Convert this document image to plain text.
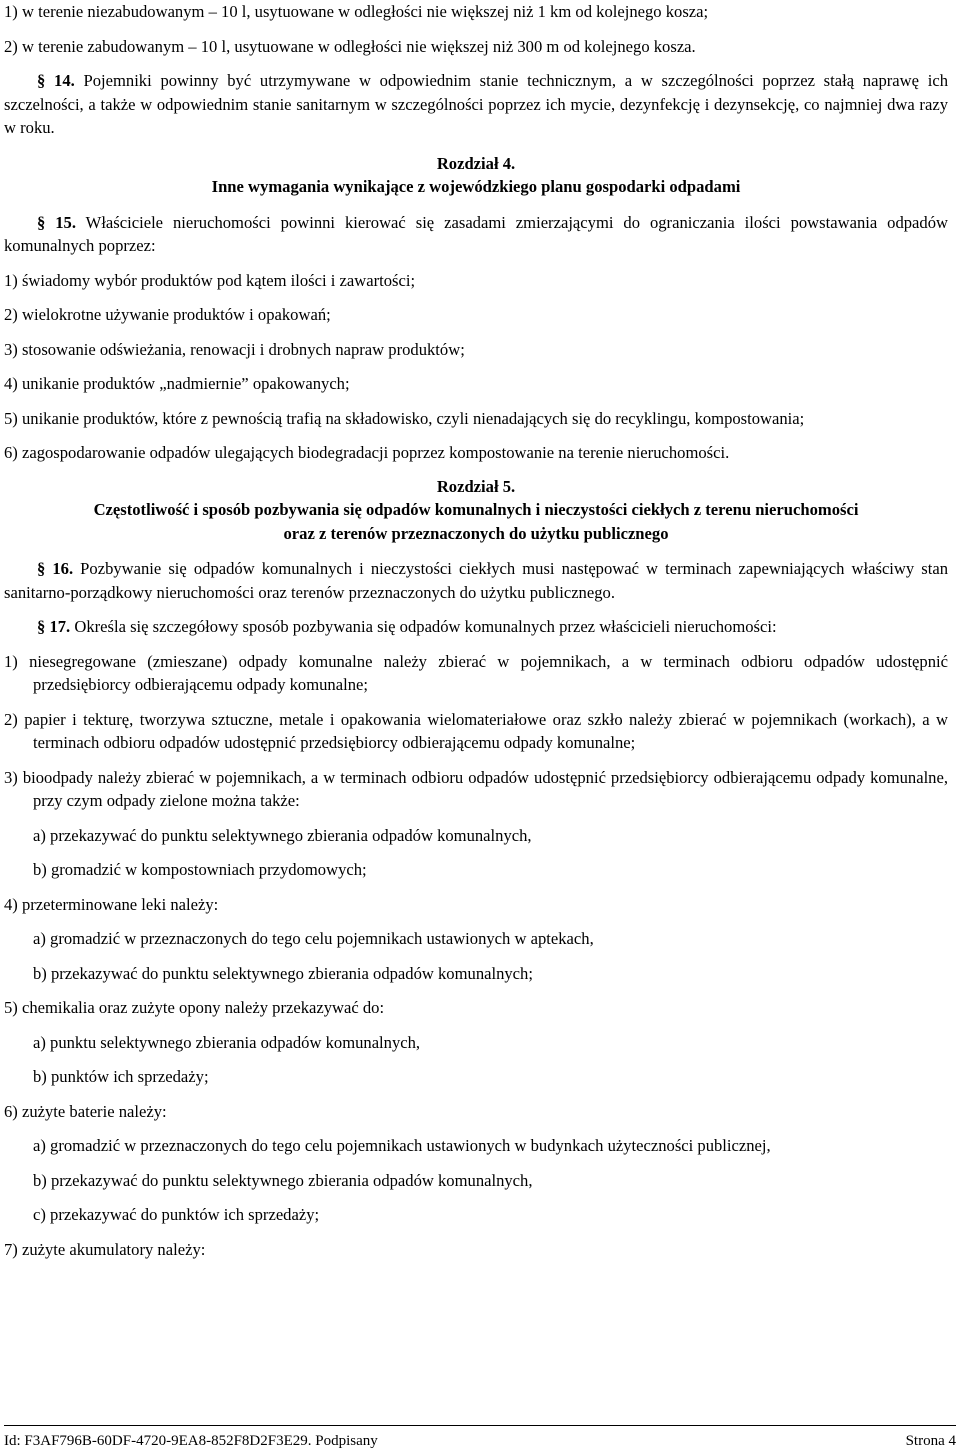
1) w terenie niezabudowanym – 10 l, usytuowane w odległości nie większej niż 1 km od kolejnego kosza;

2) w terenie zabudowanym – 10 l, usytuowane w odległości nie większej niż 300 m od kolejnego kosza.

§ 14. Pojemniki powinny być utrzymywane w odpowiednim stanie technicznym, a w szczególności poprzez stałą naprawę ich szczelności, a także w odpowiednim stanie sanitarnym w szczególności poprzez ich mycie, dezynfekcję i dezynsekcję, co najmniej dwa razy w roku.

Rozdział 4.

Inne wymagania wynikające z wojewódzkiego planu gospodarki odpadami

§ 15. Właściciele nieruchomości powinni kierować się zasadami zmierzającymi do ograniczania ilości powstawania odpadów komunalnych poprzez:

1) świadomy wybór produktów pod kątem ilości i zawartości;

2) wielokrotne używanie produktów i opakowań;

3) stosowanie odświeżania, renowacji i drobnych napraw produktów;

4) unikanie produktów „nadmiernie” opakowanych;

5) unikanie produktów, które z pewnością trafią na składowisko, czyli nienadających się do recyklingu, kompostowania;

6) zagospodarowanie odpadów ulegających biodegradacji poprzez kompostowanie na terenie nieruchomości.

Rozdział 5.

Częstotliwość i sposób pozbywania się odpadów komunalnych i nieczystości ciekłych z terenu nieruchomości

oraz z terenów przeznaczonych do użytku publicznego

§ 16. Pozbywanie się odpadów komunalnych i nieczystości ciekłych musi następować w terminach zapewniających właściwy stan sanitarno-porządkowy nieruchomości oraz terenów przeznaczonych do użytku publicznego.

§ 17. Określa się szczegółowy sposób pozbywania się odpadów komunalnych przez właścicieli nieruchomości:

1) niesegregowane (zmieszane) odpady komunalne należy zbierać w pojemnikach, a w terminach odbioru odpadów udostępnić przedsiębiorcy odbierającemu odpady komunalne;

2) papier i tekturę, tworzywa sztuczne, metale i opakowania wielomateriałowe oraz szkło należy zbierać w pojemnikach (workach), a w terminach odbioru odpadów udostępnić przedsiębiorcy odbierającemu odpady komunalne;

3) bioodpady należy zbierać w pojemnikach, a w terminach odbioru odpadów udostępnić przedsiębiorcy odbierającemu odpady komunalne, przy czym odpady zielone można także:

a) przekazywać do punktu selektywnego zbierania odpadów komunalnych,

b) gromadzić w kompostowniach przydomowych;

4) przeterminowane leki należy:

a) gromadzić w przeznaczonych do tego celu pojemnikach ustawionych w aptekach,

b) przekazywać do punktu selektywnego zbierania odpadów komunalnych;

5) chemikalia oraz zużyte opony należy przekazywać do:

a) punktu selektywnego zbierania odpadów komunalnych,

b) punktów ich sprzedaży;

6) zużyte baterie należy:

a) gromadzić w przeznaczonych do tego celu pojemnikach ustawionych w budynkach użyteczności publicznej,

b) przekazywać do punktu selektywnego zbierania odpadów komunalnych,

c) przekazywać do punktów ich sprzedaży;

7) zużyte akumulatory należy:

Id: F3AF796B-60DF-4720-9EA8-852F8D2F3E29. Podpisany	Strona 4
